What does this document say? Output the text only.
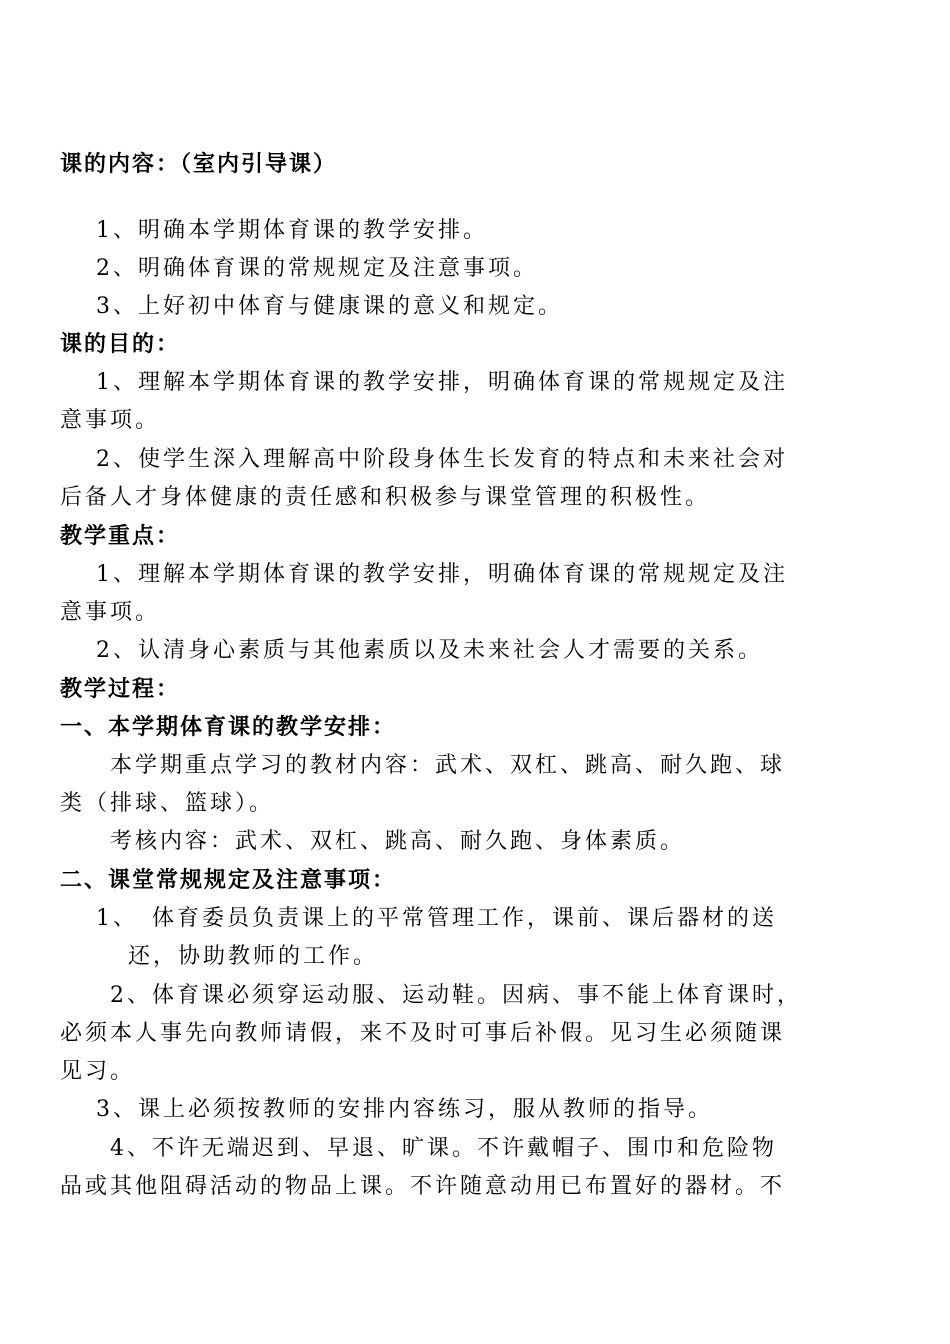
课的内容：（室内引导课）
1、明确本学期体育课的教学安排。
2、明确体育课的常规规定及注意事项。
3、上好初中体育与健康课的意义和规定。
课的目的：
1、理解本学期体育课的教学安排，明确体育课的常规规定及注
意事项。
2、使学生深入理解高中阶段身体生长发育的特点和未来社会对
后备人才身体健康的责任感和积极参与课堂管理的积极性。
教学重点：
1、理解本学期体育课的教学安排，明确体育课的常规规定及注
意事项。
2、认清身心素质与其他素质以及未来社会人才需要的关系。
教学过程：
一、本学期体育课的教学安排：
本学期重点学习的教材内容：武术、双杠、跳高、耐久跑、球
类（排球、篮球）。
考核内容：武术、双杠、跳高、耐久跑、身体素质。
二、课堂常规规定及注意事项：
1、　体育委员负责课上的平常管理工作，课前、课后器材的送
还，协助教师的工作。
2、体育课必须穿运动服、运动鞋。因病、事不能上体育课时，
必须本人事先向教师请假，来不及时可事后补假。见习生必须随课
见习。
3、课上必须按教师的安排内容练习，服从教师的指导。
4、不许无端迟到、早退、旷课。不许戴帽子、围巾和危险物
品或其他阻碍活动的物品上课。不许随意动用已布置好的器材。不
